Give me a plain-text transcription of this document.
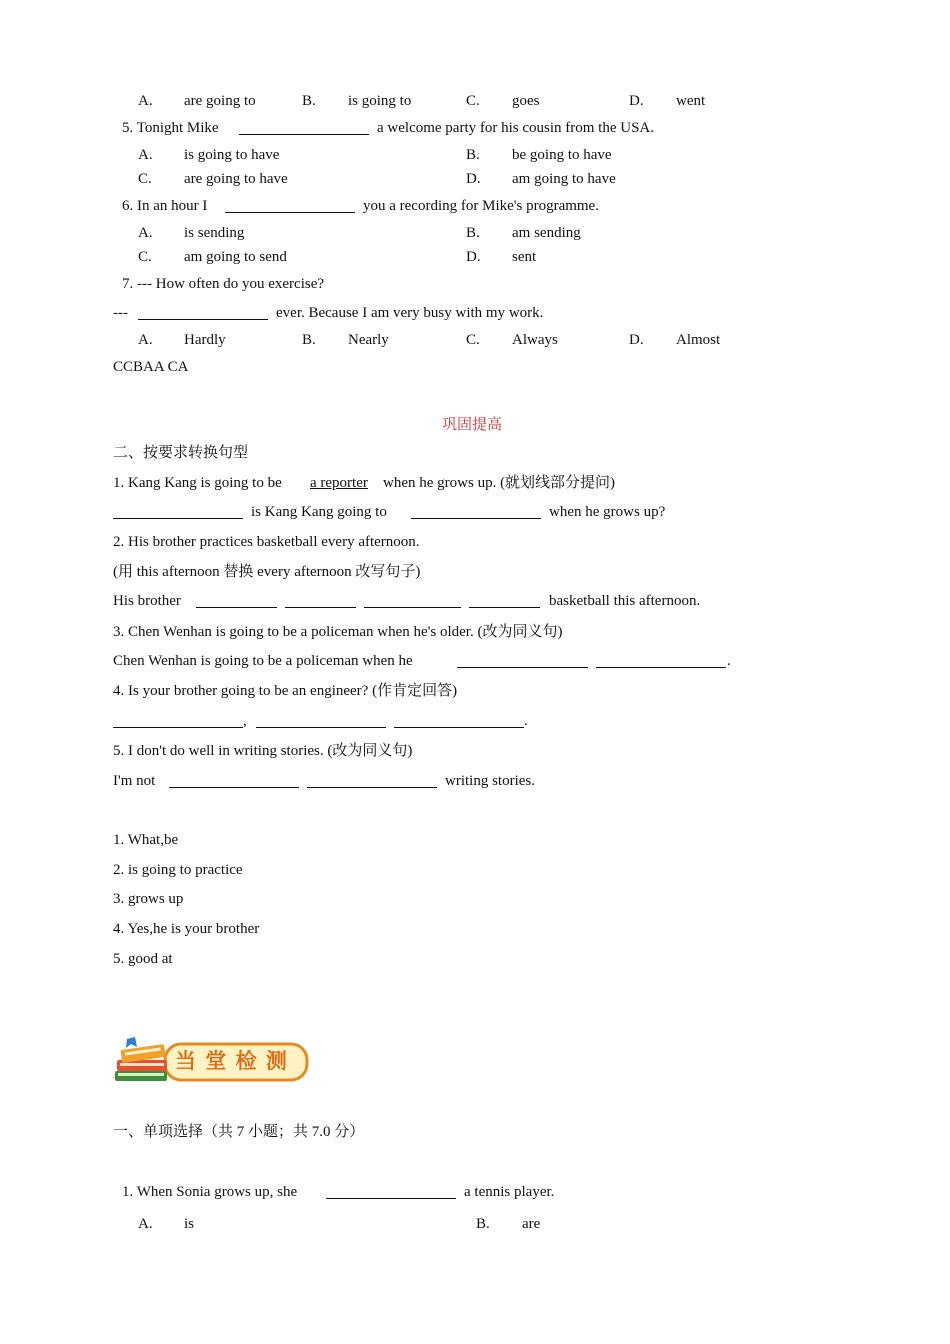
A. are going to	B. is going to	C. goes	D. went
5. Tonight Mike	a welcome party for his cousin from the USA.
A. is going to have	B. be going to have
C. are going to have	D. am going to have
6. In an hour I	you a recording for Mike's programme.
A. is sending	B. am sending
C. am going to send	D. sent
7. --- How often do you exercise?
---	ever. Because I am very busy with my work.
A. Hardly	B. Nearly	C. Always	D. Almost
CCBAA CA
巩固提高
二、按要求转换句型
1. Kang Kang is going to be a reporter when he grows up. (就划线部分提问)
is Kang Kang going to	when he grows up?
2. His brother practices basketball every afternoon.
(用 this afternoon 替换 every afternoon 改写句子)
His brother	basketball this afternoon.
3. Chen Wenhan is going to be a policeman when he's older. (改为同义句)
Chen Wenhan is going to be a policeman when he	.
4. Is your brother going to be an engineer? (作肯定回答)
,	.
5. I don't do well in writing stories. (改为同义句)
I'm not	writing stories.
1. What,be
2. is going to practice
3. grows up
4. Yes,he is your brother
5. good at
当 堂 检 测
一、单项选择（共 7 小题；共 7.0 分）
1. When Sonia grows up, she	a tennis player.
A. is	B. are
